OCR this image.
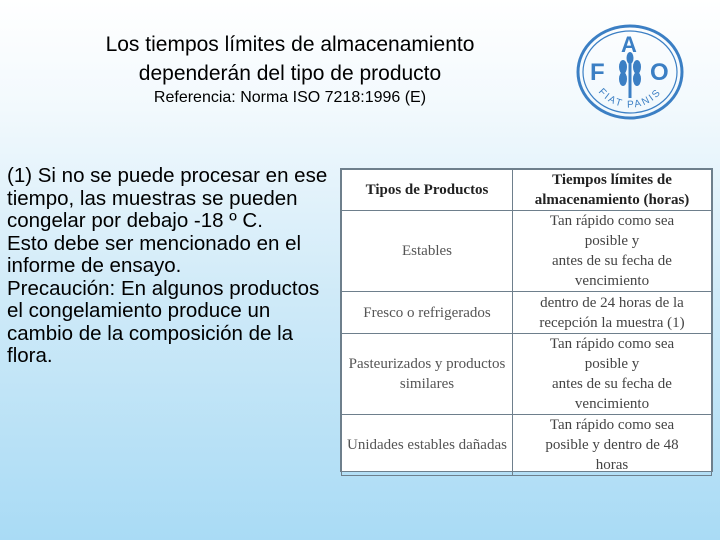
Los tiempos límites de almacenamiento
dependerán del tipo de producto
Referencia: Norma ISO 7218:1996 (E)
F
A
O
FIAT PANIS

(1) Si no se puede procesar en ese tiempo, las muestras se pueden congelar por debajo -18 º C.

Esto debe ser mencionado en el informe de ensayo.

Precaución: En algunos productos el congelamiento produce un cambio de la composición de la flora.

Tipos de Productos	Tiempos límites de almacenamiento (horas)
Estables	Tan rápido como sea
posible y
antes de su fecha de
vencimiento

Fresco o refrigerados	dentro de 24 horas de la
recepción la muestra (1)

Pasteurizados y productos similares	Tan rápido como sea
posible y
antes de su fecha de
vencimiento

Unidades estables dañadas	Tan rápido como sea
posible y dentro de 48
horas
